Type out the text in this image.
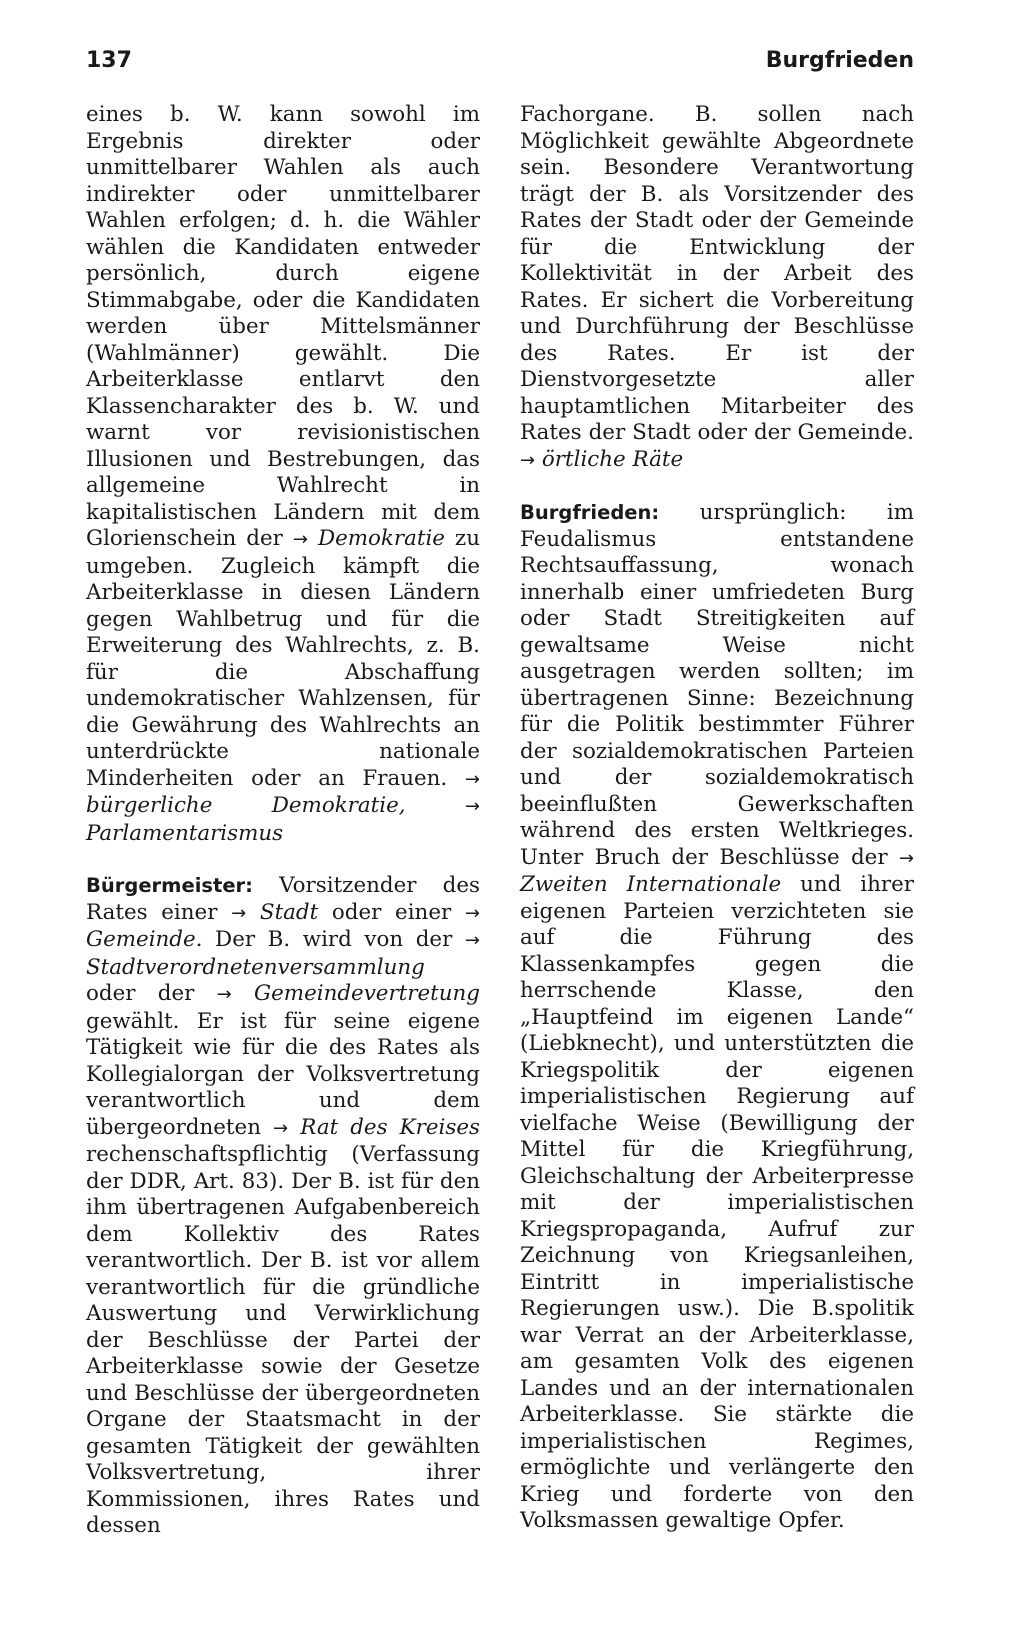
137	Burgfrieden

eines b. W. kann sowohl im Ergebnis direkter oder unmittelbarer Wahlen als auch indirekter oder unmittelbarer Wahlen erfolgen; d. h. die Wähler wählen die Kandidaten entweder persönlich, durch eigene Stimmabgabe, oder die Kandidaten werden über Mittelsmänner (Wahlmänner) gewählt. Die Arbeiterklasse entlarvt den Klassencharakter des b. W. und warnt vor revisionistischen Illusionen und Bestrebungen, das allgemeine Wahlrecht in kapitalistischen Ländern mit dem Glorienschein der → Demokratie zu umgeben. Zugleich kämpft die Arbeiterklasse in diesen Ländern gegen Wahlbetrug und für die Erweiterung des Wahlrechts, z. B. für die Abschaffung undemokratischer Wahlzensen, für die Gewährung des Wahlrechts an unterdrückte nationale Minderheiten oder an Frauen. → bürgerliche Demokratie,	→ Parlamentarismus

Bürgermeister: Vorsitzender des Rates einer → Stadt oder einer → Gemeinde. Der B. wird von der → Stadtverordnetenversammlung oder der → Gemeindevertretung gewählt. Er ist für seine eigene Tätigkeit wie für die des Rates als Kollegialorgan der Volksvertretung verantwortlich und dem übergeordneten → Rat des Kreises rechenschaftspflichtig (Verfassung der DDR, Art. 83). Der B. ist für den ihm übertragenen Aufgabenbereich dem Kollektiv des Rates verantwortlich. Der B. ist vor allem verantwortlich für die gründliche Auswertung und Verwirklichung der Beschlüsse der Partei der Arbeiterklasse sowie der Gesetze und Beschlüsse der übergeordneten Organe der Staatsmacht in der gesamten Tätigkeit der gewählten Volksvertretung, ihrer Kommissionen, ihres Rates und dessen

Fachorgane. B. sollen nach Möglichkeit gewählte Abgeordnete sein. Besondere Verantwortung trägt der B. als Vorsitzender des Rates der Stadt oder der Gemeinde für die Entwicklung der Kollektivität in der Arbeit des Rates. Er sichert die Vorbereitung und Durchführung der Beschlüsse des Rates. Er ist der Dienstvorgesetzte aller hauptamtlichen Mitarbeiter des Rates der Stadt oder der Gemeinde. → örtliche Räte

Burgfrieden: ursprünglich: im Feudalismus entstandene Rechtsauffassung, wonach innerhalb einer umfriedeten Burg oder Stadt Streitigkeiten auf gewaltsame Weise nicht ausgetragen werden sollten; im übertragenen Sinne: Bezeichnung für die Politik bestimmter Führer der sozialdemokratischen Parteien und der sozialdemokratisch beeinflußten Gewerkschaften während des ersten Weltkrieges. Unter Bruch der Beschlüsse der → Zweiten Internationale und ihrer eigenen Parteien verzichteten sie auf die Führung des Klassenkampfes gegen die herrschende Klasse, den „Hauptfeind im eigenen Lande“ (Liebknecht), und unterstützten die Kriegspolitik der eigenen imperialistischen Regierung auf vielfache Weise (Bewilligung der Mittel für die Kriegführung, Gleichschaltung der Arbeiterpresse mit der imperialistischen Kriegspropaganda, Aufruf zur Zeichnung von Kriegsanleihen, Eintritt in imperialistische Regierungen usw.). Die B.spolitik war Verrat an der Arbeiterklasse, am gesamten Volk des eigenen Landes und an der internationalen Arbeiterklasse. Sie stärkte die imperialistischen Regimes, ermöglichte und verlängerte den Krieg und forderte von den Volksmassen gewaltige Opfer.
